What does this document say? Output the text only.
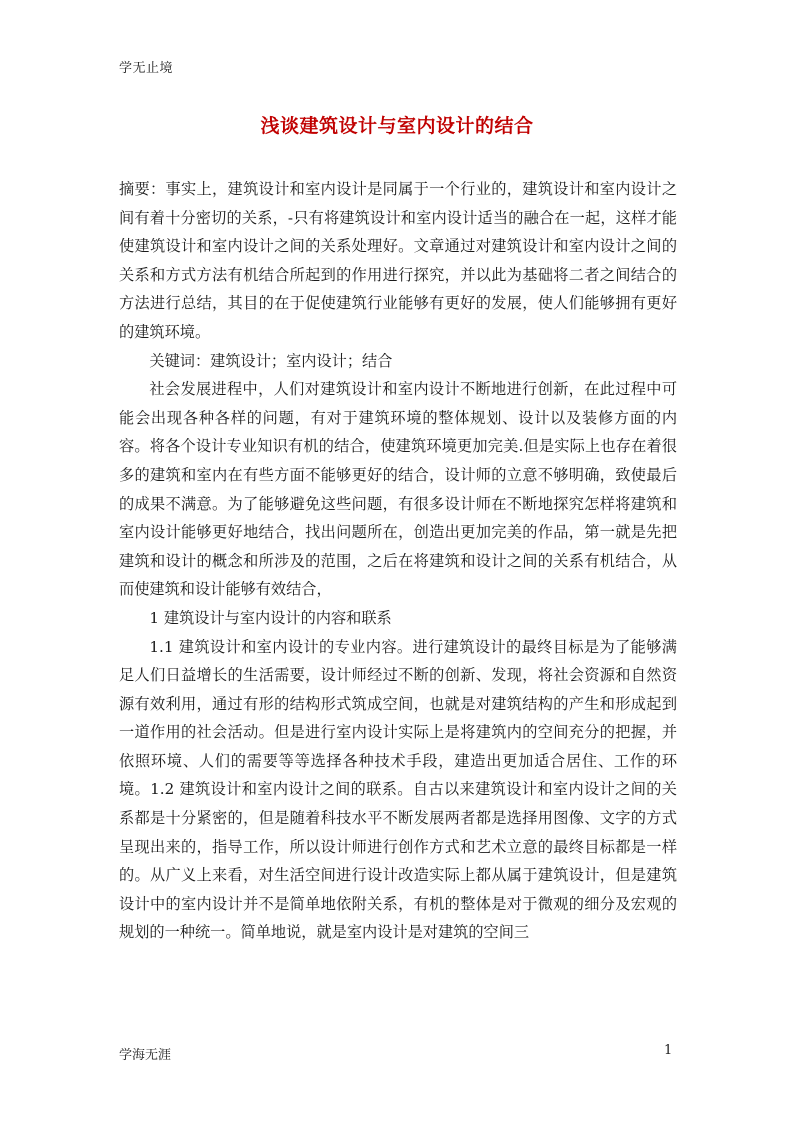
学无止境
浅谈建筑设计与室内设计的结合

摘要：事实上，建筑设计和室内设计是同属于一个行业的，建筑设计和室内设计之间有着十分密切的关系，-只有将建筑设计和室内设计适当的融合在一起，这样才能使建筑设计和室内设计之间的关系处理好。文章通过对建筑设计和室内设计之间的关系和方式方法有机结合所起到的作用进行探究，并以此为基础将二者之间结合的方法进行总结，其目的在于促使建筑行业能够有更好的发展，使人们能够拥有更好的建筑环境。

关键词：建筑设计；室内设计；结合

社会发展进程中，人们对建筑设计和室内设计不断地进行创新，在此过程中可能会出现各种各样的问题，有对于建筑环境的整体规划、设计以及装修方面的内容。将各个设计专业知识有机的结合，使建筑环境更加完美.但是实际上也存在着很多的建筑和室内在有些方面不能够更好的结合，设计师的立意不够明确，致使最后的成果不满意。为了能够避免这些问题，有很多设计师在不断地探究怎样将建筑和室内设计能够更好地结合，找出问题所在，创造出更加完美的作品，第一就是先把建筑和设计的概念和所涉及的范围，之后在将建筑和设计之间的关系有机结合，从而使建筑和设计能够有效结合，

1 建筑设计与室内设计的内容和联系

1.1 建筑设计和室内设计的专业内容。进行建筑设计的最终目标是为了能够满足人们日益增长的生活需要，设计师经过不断的创新、发现，将社会资源和自然资源有效利用，通过有形的结构形式筑成空间，也就是对建筑结构的产生和形成起到一道作用的社会活动。但是进行室内设计实际上是将建筑内的空间充分的把握，并依照环境、人们的需要等等选择各种技术手段，建造出更加适合居住、工作的环境。1.2 建筑设计和室内设计之间的联系。自古以来建筑设计和室内设计之间的关系都是十分紧密的，但是随着科技水平不断发展两者都是选择用图像、文字的方式呈现出来的，指导工作，所以设计师进行创作方式和艺术立意的最终目标都是一样的。从广义上来看，对生活空间进行设计改造实际上都从属于建筑设计，但是建筑设计中的室内设计并不是简单地依附关系，有机的整体是对于微观的细分及宏观的规划的一种统一。简单地说，就是室内设计是对建筑的空间三

学海无涯	1
